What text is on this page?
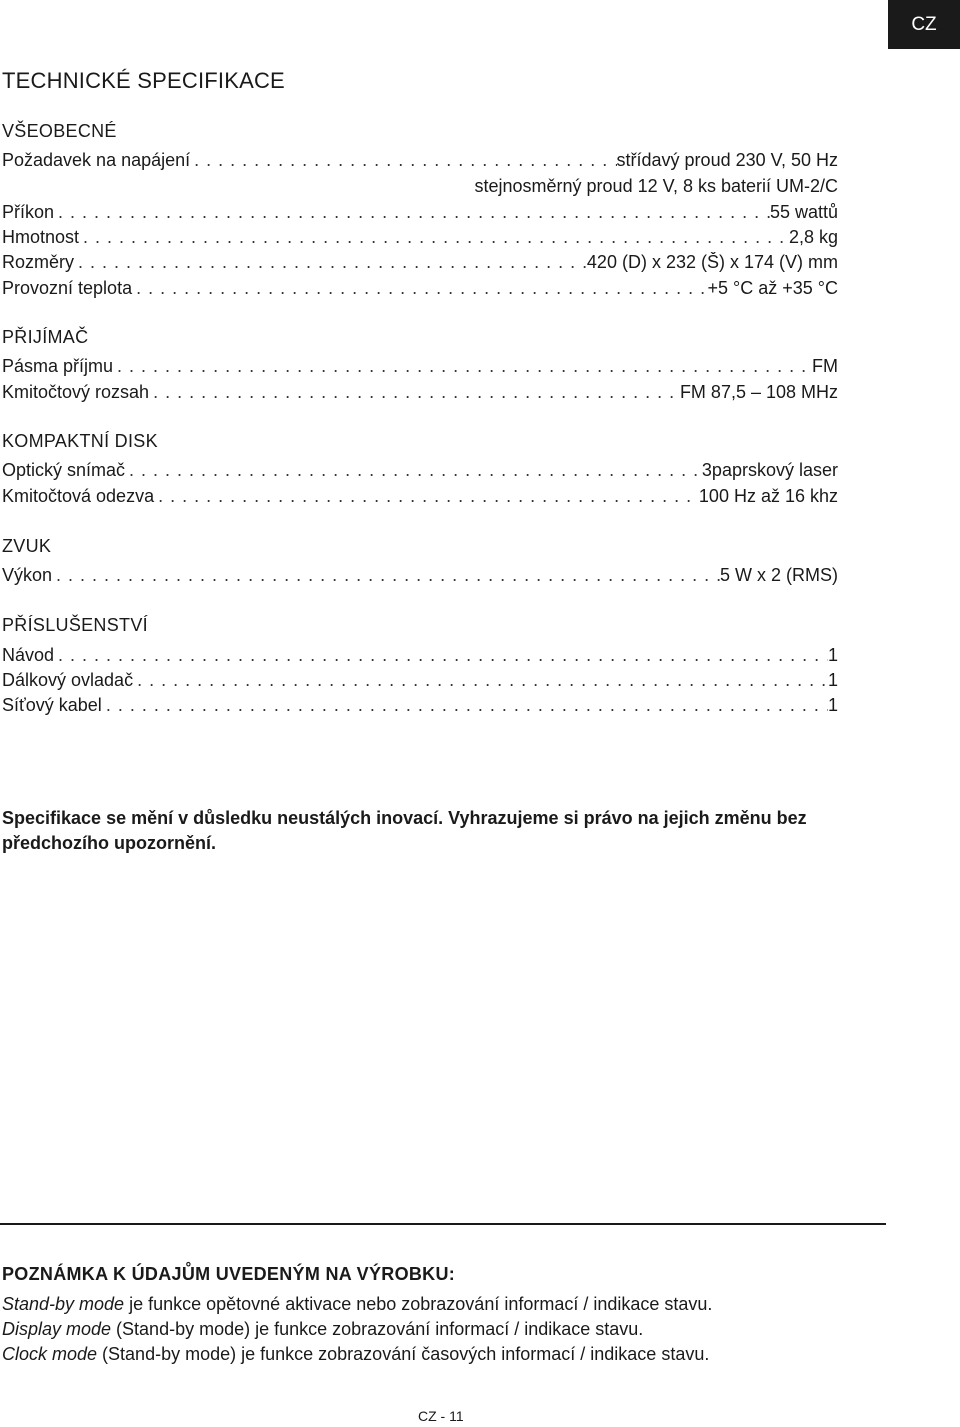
CZ
TECHNICKÉ SPECIFIKACE
VŠEOBECNÉ
Požadavek na napájení . . .	střídavý proud 230 V, 50 Hz
stejnosměrný proud 12 V, 8 ks baterií UM-2/C
Příkon . . .	55 wattů
Hmotnost . . .	2,8 kg
Rozměry . . .	420 (D) x 232 (Š) x 174 (V) mm
Provozní teplota . . .	+5 °C až +35 °C
PŘIJÍMAČ
Pásma příjmu . . .	FM
Kmitočtový rozsah . . .	FM 87,5 – 108 MHz
KOMPAKTNÍ DISK
Optický snímač . . .	3paprskový laser
Kmitočtová odezva . . .	100 Hz až 16 khz
ZVUK
Výkon . . .	5 W x 2 (RMS)
PŘÍSLUŠENSTVÍ
Návod . . .	1
Dálkový ovladač . . .	1
Síťový kabel . . .	1

Specifikace se mění v důsledku neustálých inovací. Vyhrazujeme si právo na jejich změnu bez předchozího upozornění.

POZNÁMKA K ÚDAJŮM UVEDENÝM NA VÝROBKU:

Stand-by mode je funkce opětovné aktivace nebo zobrazování informací / indikace stavu.

Display mode (Stand-by mode) je funkce zobrazování informací / indikace stavu.

Clock mode (Stand-by mode) je funkce zobrazování časových informací / indikace stavu.

CZ - 11
